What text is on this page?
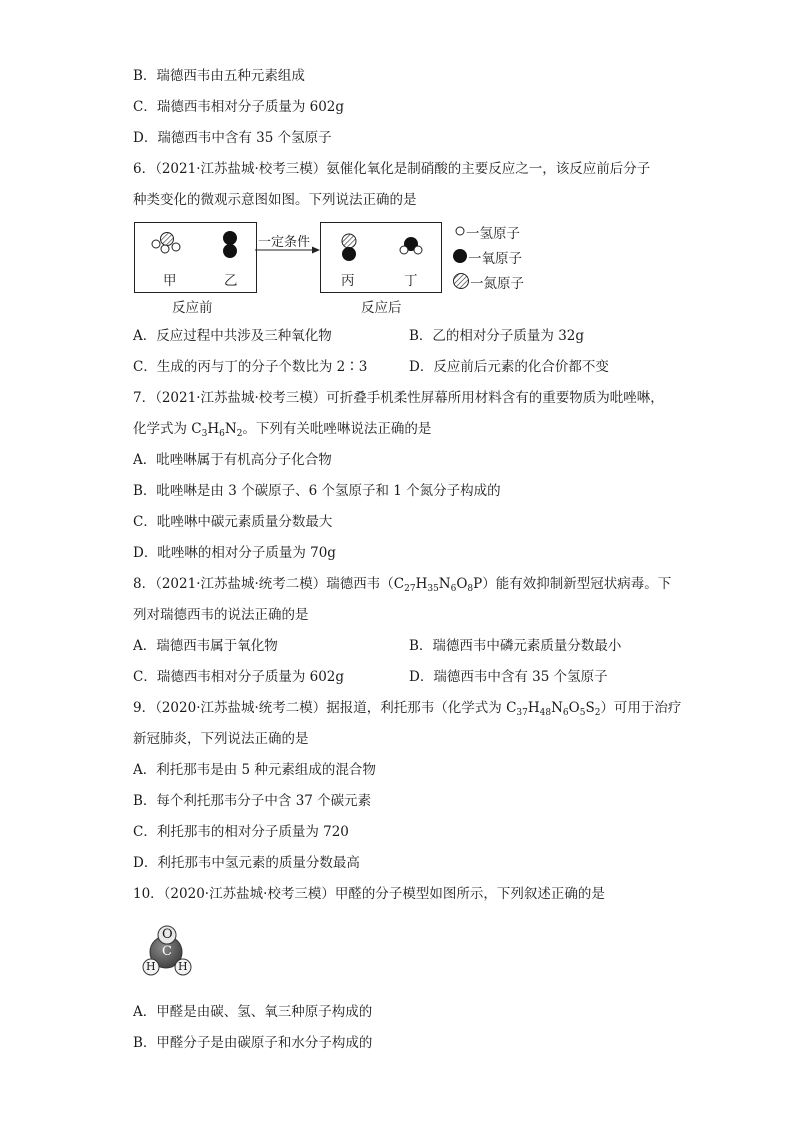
B．瑞德西韦由五种元素组成
C．瑞德西韦相对分子质量为 602g
D．瑞德西韦中含有 35 个氢原子
6．（2021·江苏盐城·校考三模）氨催化氧化是制硝酸的主要反应之一，该反应前后分子
种类变化的微观示意图如图。下列说法正确的是
甲	乙	丙	丁
一定条件
反应前	反应后
一氢原子
一氧原子
一氮原子
A．反应过程中共涉及三种氧化物	B．乙的相对分子质量为 32g
C．生成的丙与丁的分子个数比为 2∶3	D．反应前后元素的化合价都不变
7．（2021·江苏盐城·校考三模）可折叠手机柔性屏幕所用材料含有的重要物质为吡唑啉，
化学式为 $C_3H_6N_2$。下列有关吡唑啉说法正确的是
A．吡唑啉属于有机高分子化合物
B．吡唑啉是由 3 个碳原子、6 个氢原子和 1 个氮分子构成的
C．吡唑啉中碳元素质量分数最大
D．吡唑啉的相对分子质量为 70g
8．（2021·江苏盐城·统考二模）瑞德西韦$(C_{27}H_{35}N_6O_8P)$能有效抑制新型冠状病毒。下
列对瑞德西韦的说法正确的是
A．瑞德西韦属于氧化物	B．瑞德西韦中磷元素质量分数最小
C．瑞德西韦相对分子质量为 602g	D．瑞德西韦中含有 35 个氢原子
9．（2020·江苏盐城·统考二模）据报道，利托那韦（化学式为 $C_{37}H_{48}N_6O_5S_2$）可用于治疗
新冠肺炎，下列说法正确的是
A．利托那韦是由 5 种元素组成的混合物
B．每个利托那韦分子中含 37 个碳元素
C．利托那韦的相对分子质量为 720
D．利托那韦中氢元素的质量分数最高
10．（2020·江苏盐城·校考三模）甲醛的分子模型如图所示，下列叙述正确的是
O
C
H H
A．甲醛是由碳、氢、氧三种原子构成的
B．甲醛分子是由碳原子和水分子构成的
